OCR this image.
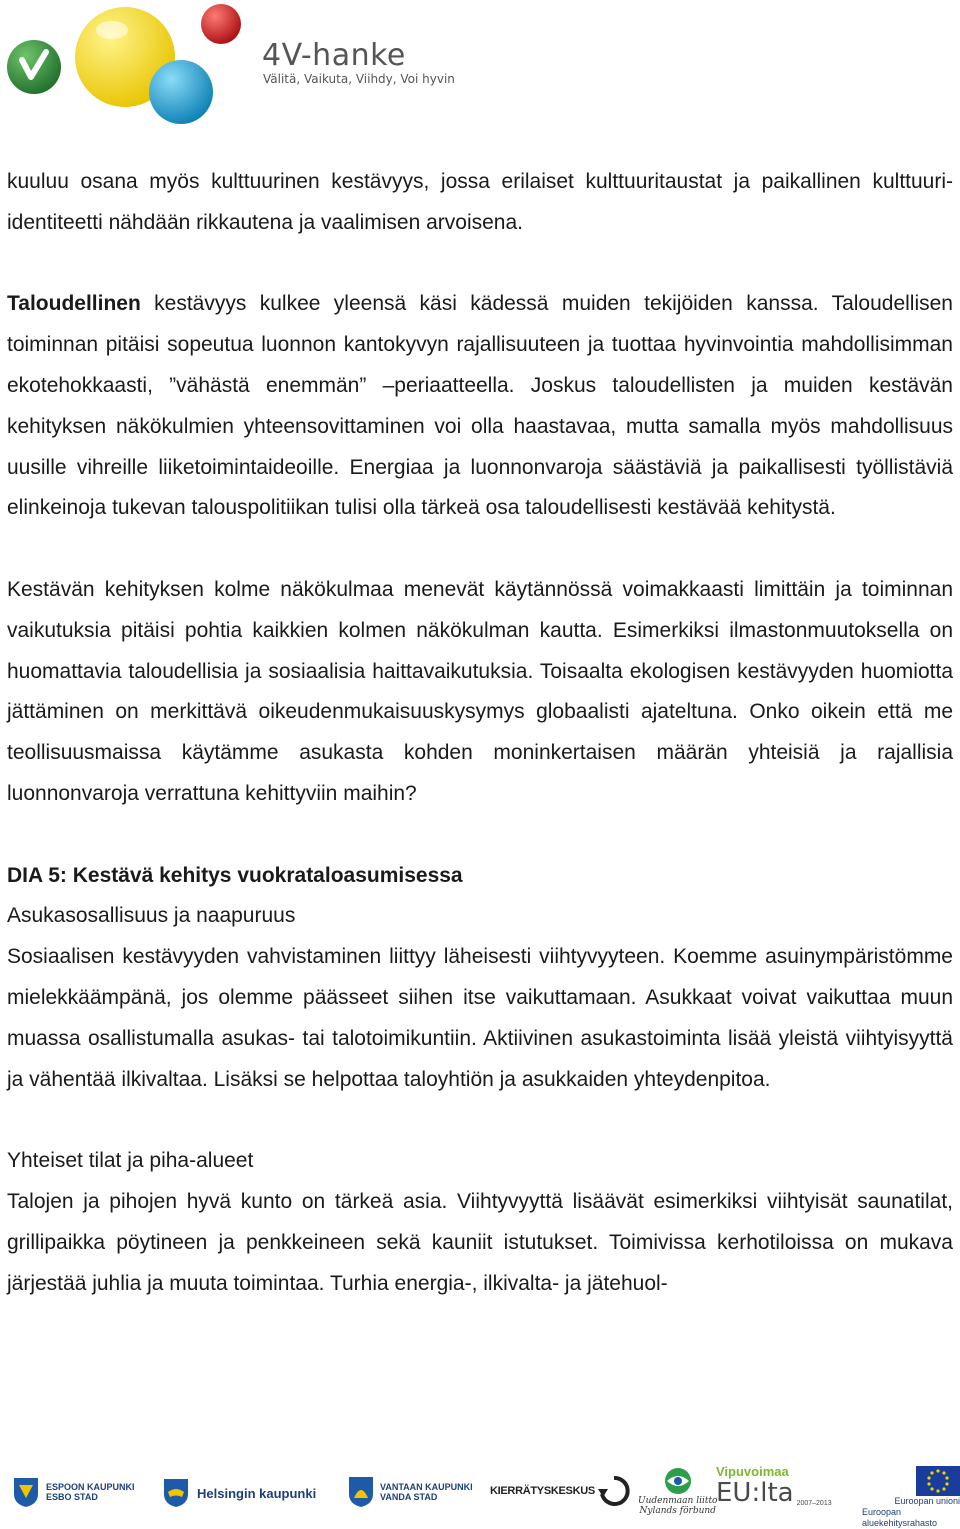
4V-hanke
Välitä, Vaikuta, Viihdy, Voi hyvin

kuuluu osana myös kulttuurinen kestävyys, jossa erilaiset kulttuuritaustat ja paikallinen kulttuuri-identiteetti nähdään rikkautena ja vaalimisen arvoisena.

Taloudellinen kestävyys kulkee yleensä käsi kädessä muiden tekijöiden kanssa. Taloudellisen toiminnan pitäisi sopeutua luonnon kantokyvyn rajallisuuteen ja tuottaa hyvinvointia mahdollisimman ekotehokkaasti, ”vähästä enemmän” –periaatteella. Joskus taloudellisten ja muiden kestävän kehityksen näkökulmien yhteensovittaminen voi olla haastavaa, mutta samalla myös mahdollisuus uusille vihreille liiketoimintaideoille. Energiaa ja luonnonvaroja säästäviä ja paikallisesti työllistäviä elinkeinoja tukevan talouspolitiikan tulisi olla tärkeä osa taloudellisesti kestävää kehitystä.

Kestävän kehityksen kolme näkökulmaa menevät käytännössä voimakkaasti limittäin ja toiminnan vaikutuksia pitäisi pohtia kaikkien kolmen näkökulman kautta. Esimerkiksi ilmastonmuutoksella on huomattavia taloudellisia ja sosiaalisia haittavaikutuksia. Toisaalta ekologisen kestävyyden huomiotta jättäminen on merkittävä oikeudenmukaisuuskysymys globaalisti ajateltuna. Onko oikein että me teollisuusmaissa käytämme asukasta kohden moninkertaisen määrän yhteisiä ja rajallisia luonnonvaroja verrattuna kehittyviin maihin?

DIA 5: Kestävä kehitys vuokrataloasumisessa

Asukasosallisuus ja naapuruus

Sosiaalisen kestävyyden vahvistaminen liittyy läheisesti viihtyvyyteen. Koemme asuinympäristömme mielekkäämpänä, jos olemme päässeet siihen itse vaikuttamaan. Asukkaat voivat vaikuttaa muun muassa osallistumalla asukas- tai talotoimikuntiin. Aktiivinen asukastoiminta lisää yleistä viihtyisyyttä ja vähentää ilkivaltaa. Lisäksi se helpottaa taloyhtiön ja asukkaiden yhteydenpitoa.

Yhteiset tilat ja piha-alueet

Talojen ja pihojen hyvä kunto on tärkeä asia. Viihtyvyyttä lisäävät esimerkiksi viihtyisät saunatilat, grillipaikka pöytineen ja penkkeineen sekä kauniit istutukset. Toimivissa kerhotiloissa on mukava järjestää juhlia ja muuta toimintaa. Turhia energia-, ilkivalta- ja jätehuol-

ESPOON KAUPUNKI
ESBO STAD	Helsingin kaupunki	VANTAAN KAUPUNKI
VANDA STAD	KIERRÄTYSKESKUS
Uudenmaan liitto
Nylands förbund
Vipuvoimaa
EU:lta 2007–2013	Euroopan unioni
Euroopan aluekehitysrahasto
